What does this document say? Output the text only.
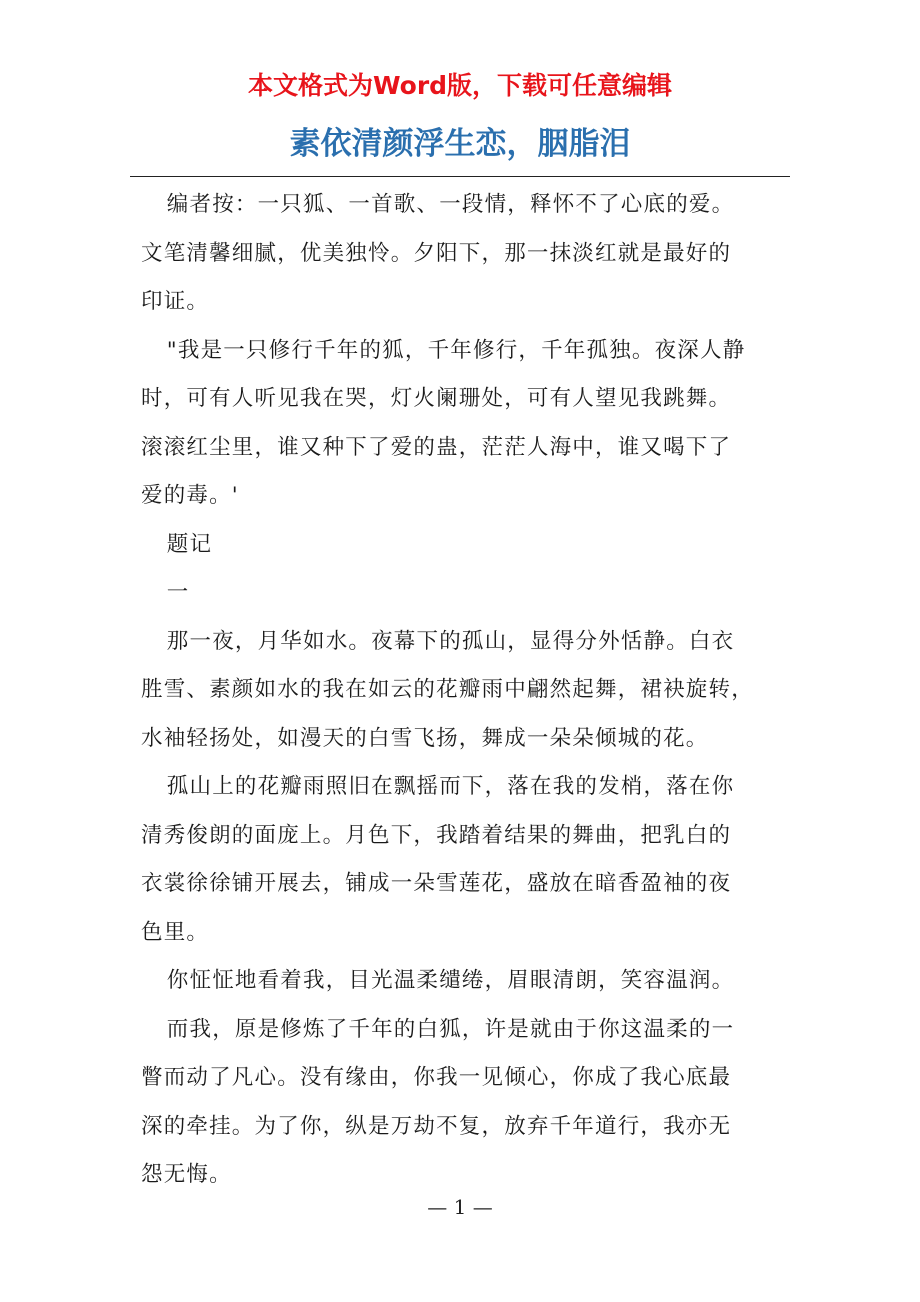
本文格式为Word版，下载可任意编辑
素依清颜浮生恋，胭脂泪

编者按：一只狐、一首歌、一段情，释怀不了心底的爱。

文笔清馨细腻，优美独怜。夕阳下，那一抹淡红就是最好的

印证。

"我是一只修行千年的狐，千年修行，千年孤独。夜深人静

时，可有人听见我在哭，灯火阑珊处，可有人望见我跳舞。

滚滚红尘里，谁又种下了爱的蛊，茫茫人海中，谁又喝下了

爱的毒。'

题记

一

那一夜，月华如水。夜幕下的孤山，显得分外恬静。白衣

胜雪、素颜如水的我在如云的花瓣雨中翩然起舞，裙袂旋转，

水袖轻扬处，如漫天的白雪飞扬，舞成一朵朵倾城的花。

孤山上的花瓣雨照旧在飘摇而下，落在我的发梢，落在你

清秀俊朗的面庞上。月色下，我踏着结果的舞曲，把乳白的

衣裳徐徐铺开展去，铺成一朵雪莲花，盛放在暗香盈袖的夜

色里。

你怔怔地看着我，目光温柔缱绻，眉眼清朗，笑容温润。

而我，原是修炼了千年的白狐，许是就由于你这温柔的一

瞥而动了凡心。没有缘由，你我一见倾心，你成了我心底最

深的牵挂。为了你，纵是万劫不复，放弃千年道行，我亦无

怨无悔。

— 1 —
